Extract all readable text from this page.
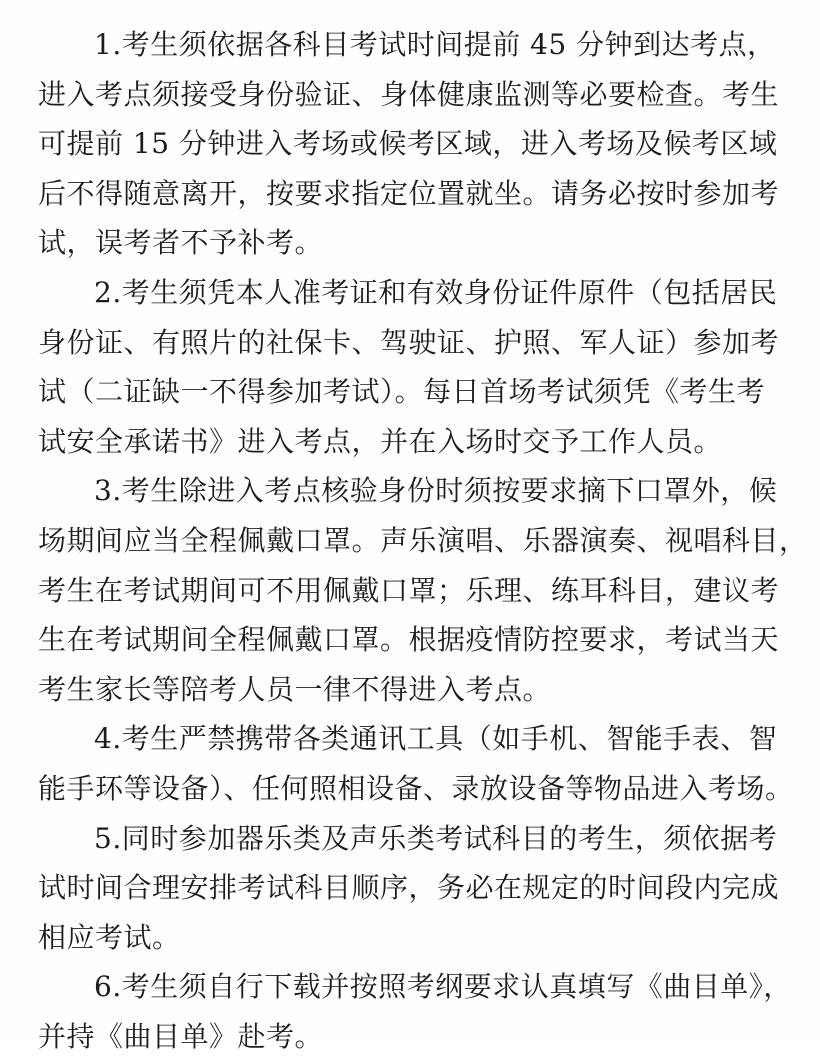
1.考生须依据各科目考试时间提前 45 分钟到达考点，
进入考点须接受身份验证、身体健康监测等必要检查。考生
可提前 15 分钟进入考场或候考区域，进入考场及候考区域
后不得随意离开，按要求指定位置就坐。请务必按时参加考
试，误考者不予补考。
2.考生须凭本人准考证和有效身份证件原件（包括居民
身份证、有照片的社保卡、驾驶证、护照、军人证）参加考
试（二证缺一不得参加考试）。每日首场考试须凭《考生考
试安全承诺书》进入考点，并在入场时交予工作人员。
3.考生除进入考点核验身份时须按要求摘下口罩外，候
场期间应当全程佩戴口罩。声乐演唱、乐器演奏、视唱科目，
考生在考试期间可不用佩戴口罩；乐理、练耳科目，建议考
生在考试期间全程佩戴口罩。根据疫情防控要求，考试当天
考生家长等陪考人员一律不得进入考点。
4.考生严禁携带各类通讯工具（如手机、智能手表、智
能手环等设备）、任何照相设备、录放设备等物品进入考场。
5.同时参加器乐类及声乐类考试科目的考生，须依据考
试时间合理安排考试科目顺序，务必在规定的时间段内完成
相应考试。
6.考生须自行下载并按照考纲要求认真填写《曲目单》，
并持《曲目单》赴考。
